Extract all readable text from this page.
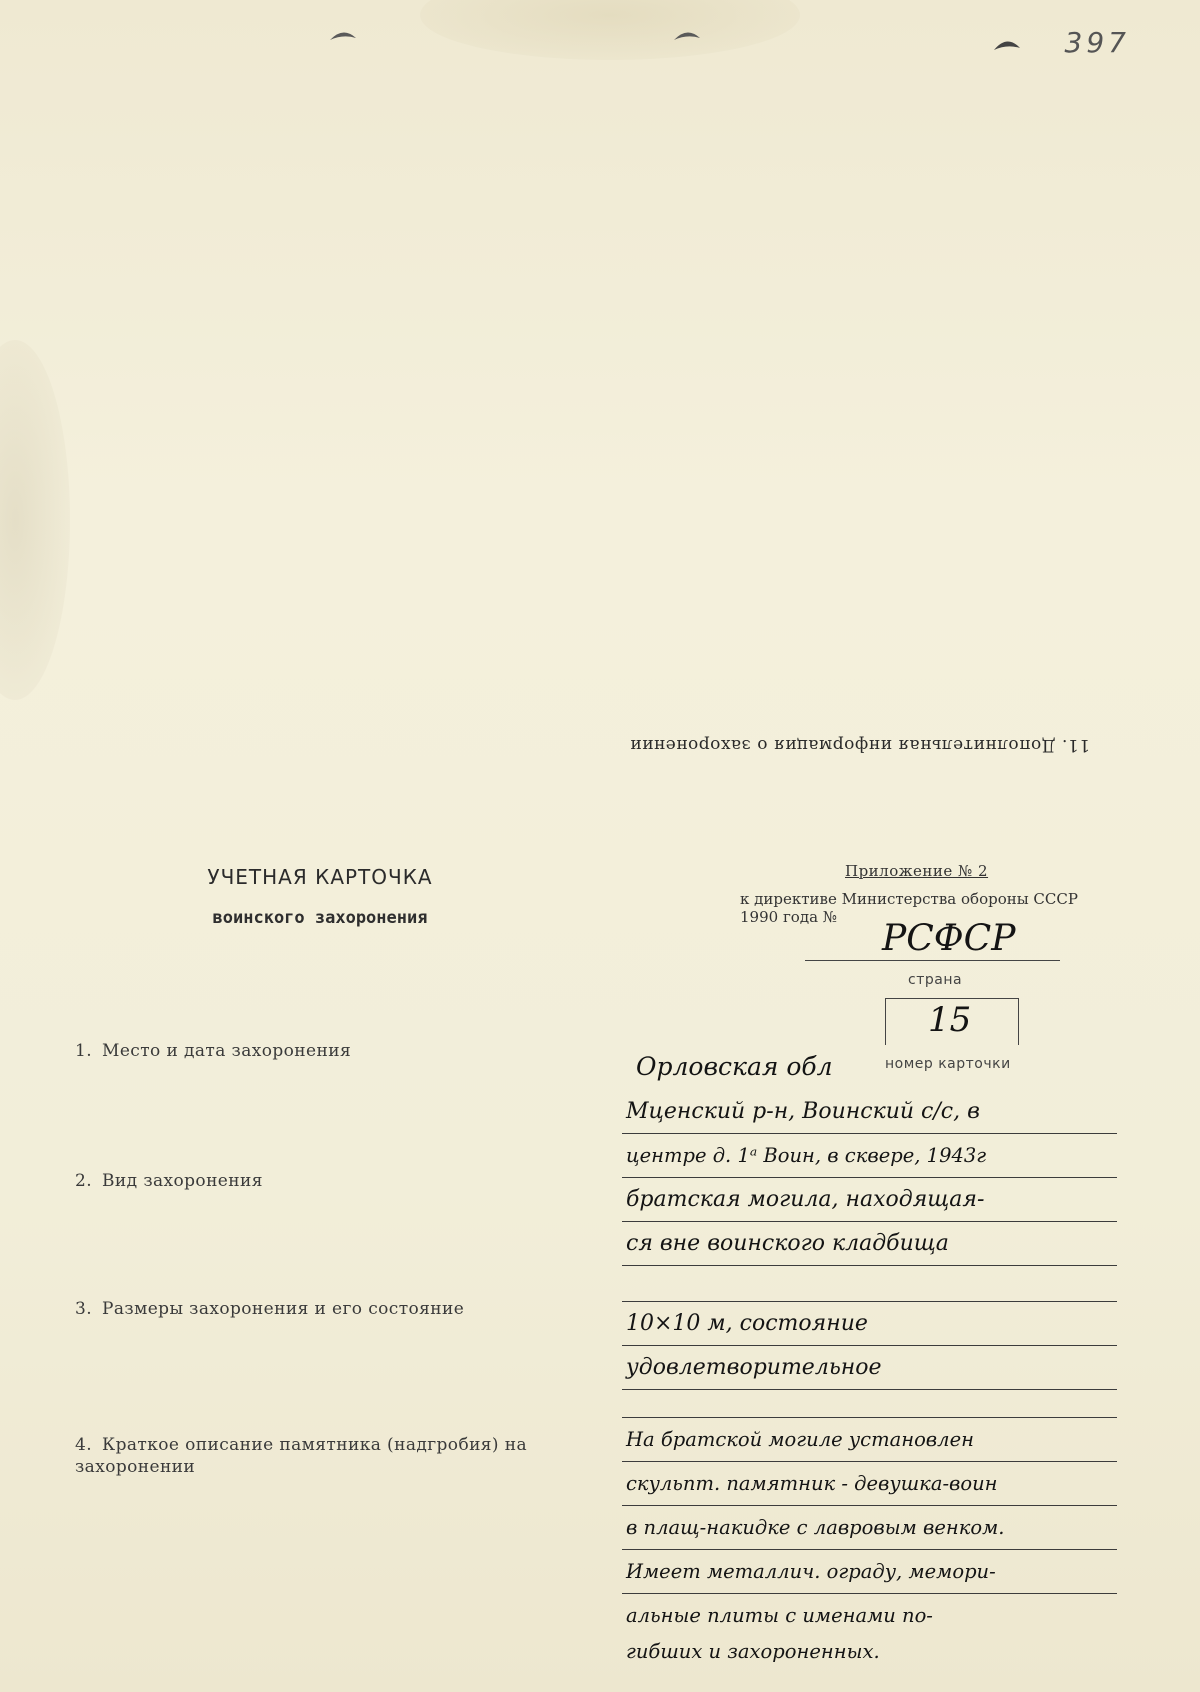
397
11. Дополнительная информация о захоронении
УЧЕТНАЯ КАРТОЧКА
воинского захоронения
Приложение № 2
к директиве Министерства обороны СССР
1990 года №
РСФСР
страна
15
номер карточки
1. Место и дата захоронения
Орловская обл
Мценский р-н, Воинский с/с, в
центре д. 1ᵃ Воин, в сквере, 1943г
2. Вид захоронения
братская могила, находящая-
ся вне воинского кладбища
3. Размеры захоронения и его состояние
10×10 м, состояние
удовлетворительное
4. Краткое описание памятника (надгробия) на захоронении
На братской могиле установлен
скульпт. памятник - девушка-воин
в плащ-накидке с лавровым венком.
Имеет металлич. ограду, мемори-
альные плиты с именами по-
гибших и захороненных.
